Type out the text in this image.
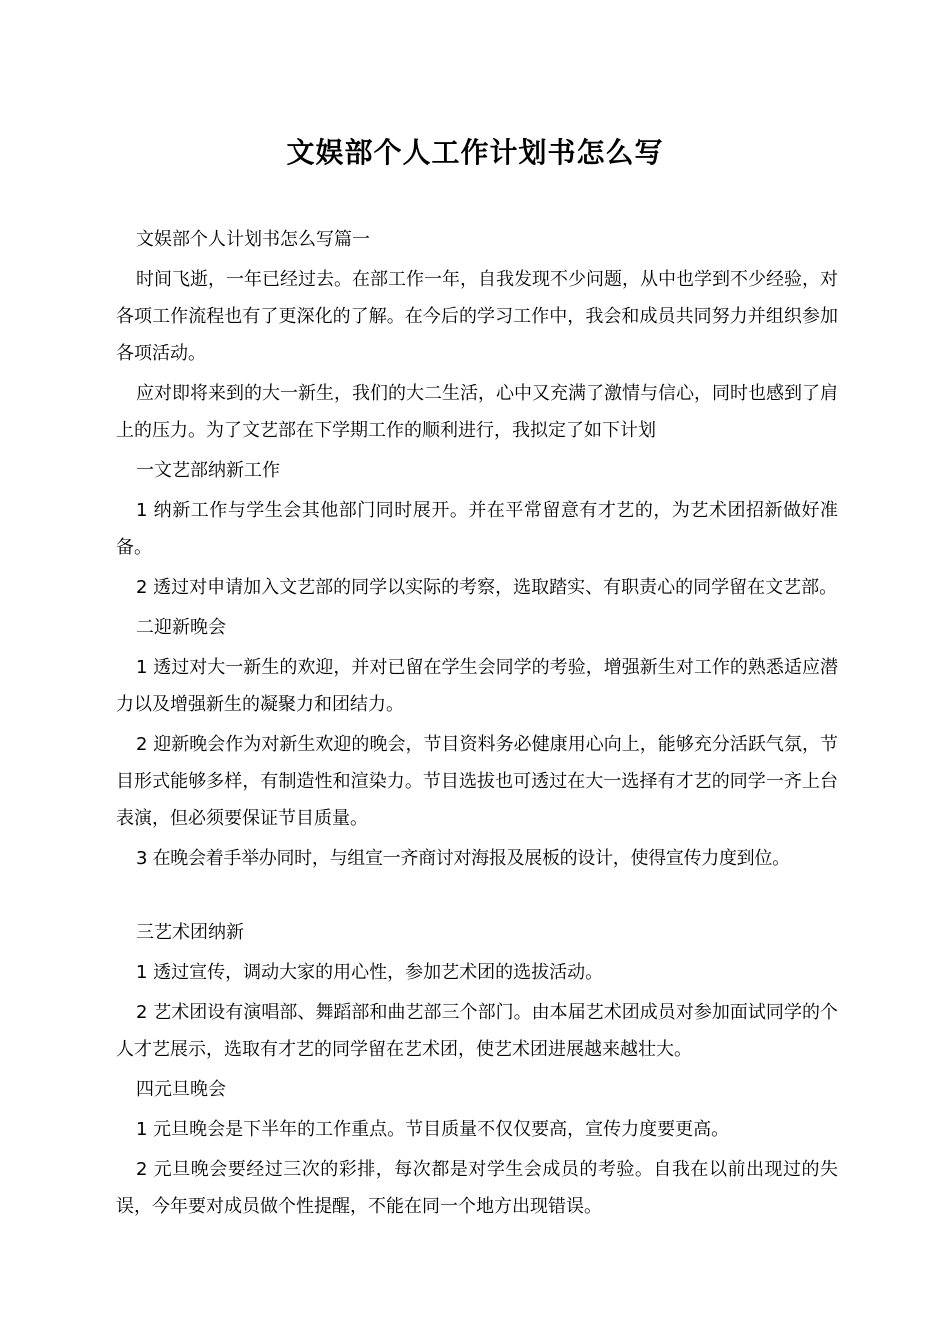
文娱部个人工作计划书怎么写

文娱部个人计划书怎么写篇一

时间飞逝，一年已经过去。在部工作一年，自我发现不少问题，从中也学到不少经验，对各项工作流程也有了更深化的了解。在今后的学习工作中，我会和成员共同努力并组织参加各项活动。

应对即将来到的大一新生，我们的大二生活，心中又充满了激情与信心，同时也感到了肩上的压力。为了文艺部在下学期工作的顺利进行，我拟定了如下计划

一文艺部纳新工作

1 纳新工作与学生会其他部门同时展开。并在平常留意有才艺的，为艺术团招新做好准备。

2 透过对申请加入文艺部的同学以实际的考察，选取踏实、有职责心的同学留在文艺部。

二迎新晚会

1 透过对大一新生的欢迎，并对已留在学生会同学的考验，增强新生对工作的熟悉适应潜力以及增强新生的凝聚力和团结力。

2 迎新晚会作为对新生欢迎的晚会，节目资料务必健康用心向上，能够充分活跃气氛，节目形式能够多样，有制造性和渲染力。节目选拔也可透过在大一选择有才艺的同学一齐上台表演，但必须要保证节目质量。

3 在晚会着手举办同时，与组宣一齐商讨对海报及展板的设计，使得宣传力度到位。

三艺术团纳新

1 透过宣传，调动大家的用心性，参加艺术团的选拔活动。

2 艺术团设有演唱部、舞蹈部和曲艺部三个部门。由本届艺术团成员对参加面试同学的个人才艺展示，选取有才艺的同学留在艺术团，使艺术团进展越来越壮大。

四元旦晚会

1 元旦晚会是下半年的工作重点。节目质量不仅仅要高，宣传力度要更高。

2 元旦晚会要经过三次的彩排，每次都是对学生会成员的考验。自我在以前出现过的失误，今年要对成员做个性提醒，不能在同一个地方出现错误。
